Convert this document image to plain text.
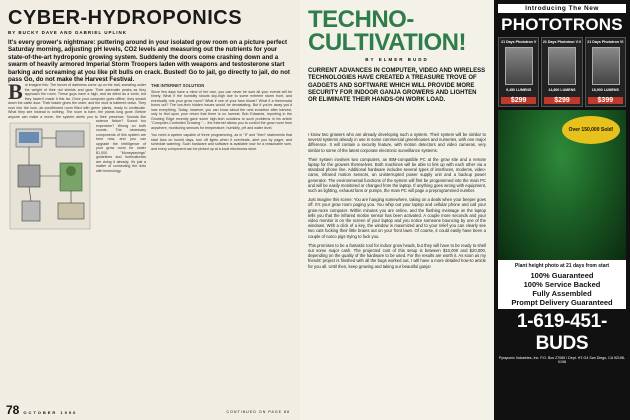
CYBER-HYDROPONICS
BY BUCKY DAVE AND GABRIEL UPLINK
It's every grower's nightmare: puttering around in your isolated grow room on a picture perfect Saturday morning, adjusting pH levels, CO2 levels and measuring out the nutrients for your state-of-the-art hydroponic growing system. Suddenly the doors come crashing down and a swarm of heavily armored Imperial Storm Troopers laden with weapons and testosterone start barking and screaming at you like pit bulls on crack. Busted! Go to jail, go directly to jail, do not pass Go, do not make the Harvest Festival.
B ut imagine this: The forces of darkness come up on the trail, sweating under the weight of their riot shields and gear. Their adrenalin peaks as they approach the room. These guys have a high, and as silent as a tomb, but they haven't made it this far. Once your computer goes offline, they smash down the cabin door. Their leader gives the order, and the door is battered down. They rush into the lush, air-conditioned room filled with green plants, ready to confiscate. What they see instead is nothing. The room is bare, the plants long gone. Before anyone can make a move, the system alerts you to their presence. Sounds like science fiction? Sound too expensive? Wrong on both counts. The necessary components of this system are here now, and you can upgrade the intelligence of your grow room for under $1,000. "Moneysavings" guidelines and horticulturists are doing it already; it's just a matter of connecting the dots with technology.
THE INTERNET SOLUTION
Since few days have a mind of her own, you can never be sure all your events will be timely. What if the humidity shoots sky-high due to some extreme storm front, and eventually rots your grow room? What if one of your fans blows? What if a thermostat burns out? The low-tech hidden issues would be devastating. But if you're away you'd lose everything. Today, however, you can know about the next evolution after harvest, only to find upon your return that there is no harvest. Bob Edwards, reporting in the Growing Edge recently gave some high-tech solutions to such problems in his article "Computer-Controlled Growing." ... the Internet allows you to control the grow room from anywhere, monitoring sensors for temperature, humidity, pH and water level.
You need a system capable of three programming, as in "if" and "then" statements that start fans on humid days, turn off lights when it overheats, alert you by pager, and schedule watering. Such hardware and software is available now for a reasonable sum, and every component can be picked up at a local electronics store.
78 OCTOBER 1996	CONTINUED ON PAGE 88
TECHNO-
CULTIVATION!
BY ELMER BUDD
CURRENT ADVANCES IN COMPUTER, VIDEO AND WIRELESS TECHNOLOGIES HAVE CREATED A TREASURE TROVE OF GADGETS AND SOFTWARE WHICH WILL PROVIDE MORE SECURITY FOR INDOOR GANJA GROWERS AND LIGHTEN OR ELIMINATE THEIR HANDS-ON WORK LOAD.

I know two growers who are already developing such a system. Their system will be similar to several systems already in use in some commercial greenhouses and nurseries, with one major difference. It will contain a security feature, with motion detectors and video cameras, very similar to some of the latest corporate electronic surveillance systems.

Their system involves two computers, an IBM-compatible PC at the grow site and a remote laptop for the growers themselves. Both machines will be able to link up with each other via a standard phone line. Additional hardware includes several types of interfaces, modems, video-cams, infrared motion sensors, an uninterrupted power supply unit and a backup power generator. The environmental functions of the system will first be programmed into the main PC and will be easily monitored or changed from the laptop. If anything goes wrong with equipment, such as lighting, exhaust fans or pumps, the main PC will page a preprogrammed number.

Just imagine this scene: You are hanging somewhere, taking on a deals when your beeper goes off. It's your grow room paging you. You whip out your laptop and cellular phone and call your grow-room computer. Within minutes you are online, and the flashing message on the laptop tells you that the infrared motion sensor has been activated. A couple more seconds and your video monitor is on the screen of your laptop and you notice someone bouncing by one of the windows. With a click of a key, the window is maximized and to your relief you can clearly see two cats fucking their little brains out on your front lawn. Of course, it could easily have been a couple of narco pigs trying to fuck you.

This promises to be a fantastic tool for indoor grow heads, but they will have to be ready to shell out some major cash. The projected cost of this setup is between $10,000 and $20,000, depending on the quality of the hardware to be used. For the results are worth it. As soon as my friends' project is finished with all the bugs worked out, I will have a more detailed how-to article for you all. Until then, keep growing and taking our beautiful ganja!

Introducing The New
PHOTOTRONS
21 Days Phototron V
9,450 LUMENS
$299
21 Days Phototron V.V
14,800 LUMENS
$299
21 Days Phototron VI
18,900 LUMENS
$399
Over 150,000 Sold!
Plant height photo at 21 days from start
100% Guaranteed
100% Service Backed
Fully Assembled
Prompt Delivery Guaranteed
1-619-451-BUDS
Pyraponic Industries, Inc. P.O. Box 27085 / Dept. HT-G4 San Diego, CA 92198-0198
